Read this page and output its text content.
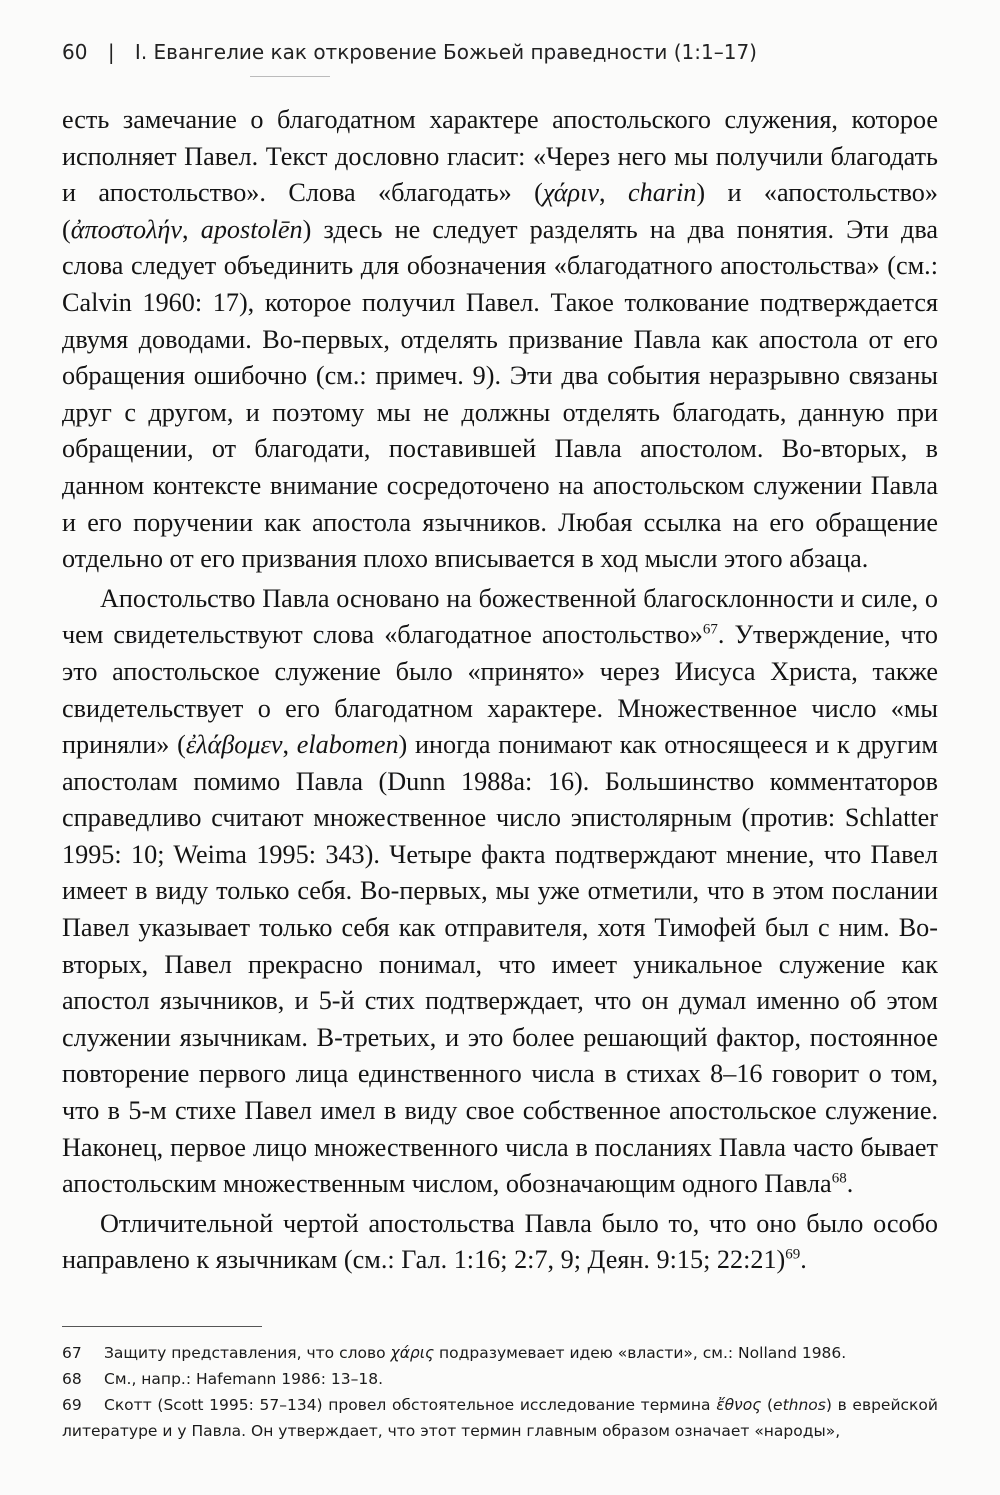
60 | I. Евангелие как откровение Божьей праведности (1:1–17)

есть замечание о благодатном характере апостольского служения, которое исполняет Павел. Текст дословно гласит: «Через него мы получили благодать и апостольство». Слова «благодать» (χάριν, charin) и «апостольство» (ἀποστολήν, apostolēn) здесь не следует разделять на два понятия. Эти два слова следует объединить для обозначения «благодатного апостольства» (см.: Calvin 1960: 17), которое получил Павел. Такое толкование подтверждается двумя доводами. Во-первых, отделять призвание Павла как апостола от его обращения ошибочно (см.: примеч. 9). Эти два события неразрывно связаны друг с другом, и поэтому мы не должны отделять благодать, данную при обращении, от благодати, поставившей Павла апостолом. Во-вторых, в данном контексте внимание сосредоточено на апостольском служении Павла и его поручении как апостола язычников. Любая ссылка на его обращение отдельно от его призвания плохо вписывается в ход мысли этого абзаца.

Апостольство Павла основано на божественной благосклонности и силе, о чем свидетельствуют слова «благодатное апостольство»$^{67}$. Утверждение, что это апостольское служение было «принято» через Иисуса Христа, также свидетельствует о его благодатном характере. Множественное число «мы приняли» (ἐλάβομεν, elabomen) иногда понимают как относящееся и к другим апостолам помимо Павла (Dunn 1988a: 16). Большинство комментаторов справедливо считают множественное число эпистолярным (против: Schlatter 1995: 10; Weima 1995: 343). Четыре факта подтверждают мнение, что Павел имеет в виду только себя. Во-первых, мы уже отметили, что в этом послании Павел указывает только себя как отправителя, хотя Тимофей был с ним. Во-вторых, Павел прекрасно понимал, что имеет уникальное служение как апостол язычников, и 5-й стих подтверждает, что он думал именно об этом служении язычникам. В-третьих, и это более решающий фактор, постоянное повторение первого лица единственного числа в стихах 8–16 говорит о том, что в 5-м стихе Павел имел в виду свое собственное апостольское служение. Наконец, первое лицо множественного числа в посланиях Павла часто бывает апостольским множественным числом, обозначающим одного Павла$^{68}$.

Отличительной чертой апостольства Павла было то, что оно было особо направлено к язычникам (см.: Гал. 1:16; 2:7, 9; Деян. 9:15; 22:21)$^{69}$.

67 Защиту представления, что слово χάρις подразумевает идею «власти», см.: Nolland 1986.

68 См., напр.: Hafemann 1986: 13–18.

69 Скотт (Scott 1995: 57–134) провел обстоятельное исследование термина ἔθνος (ethnos) в еврейской литературе и у Павла. Он утверждает, что этот термин главным образом означает «народы»,
